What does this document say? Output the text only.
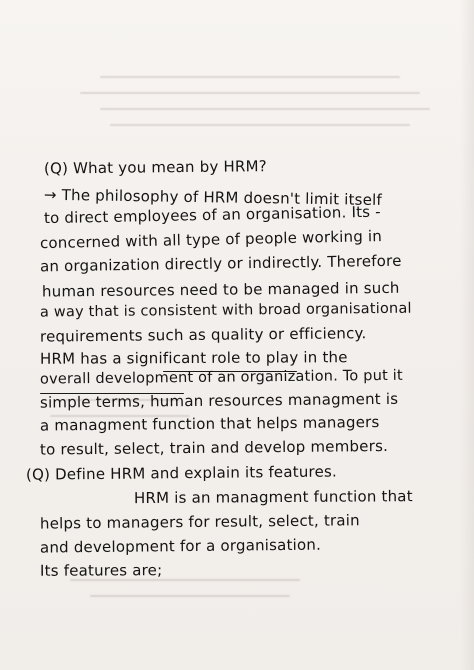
(Q) What you mean by HRM?
→ The philosophy of HRM doesn't limit itself
to direct employees of an organisation. Its -
concerned with all type of people working in
an organization directly or indirectly. Therefore
human resources need to be managed in such
a way that is consistent with broad organisational
requirements such as quality or efficiency.
HRM has a significant role to play in the
overall development of an organization. To put it
simple terms, human resources managment is
a managment function that helps managers
to result, select, train and develop members.
(Q) Define HRM and explain its features.
HRM is an managment function that
helps to managers for result, select, train
and development for a organisation.
Its features are;
